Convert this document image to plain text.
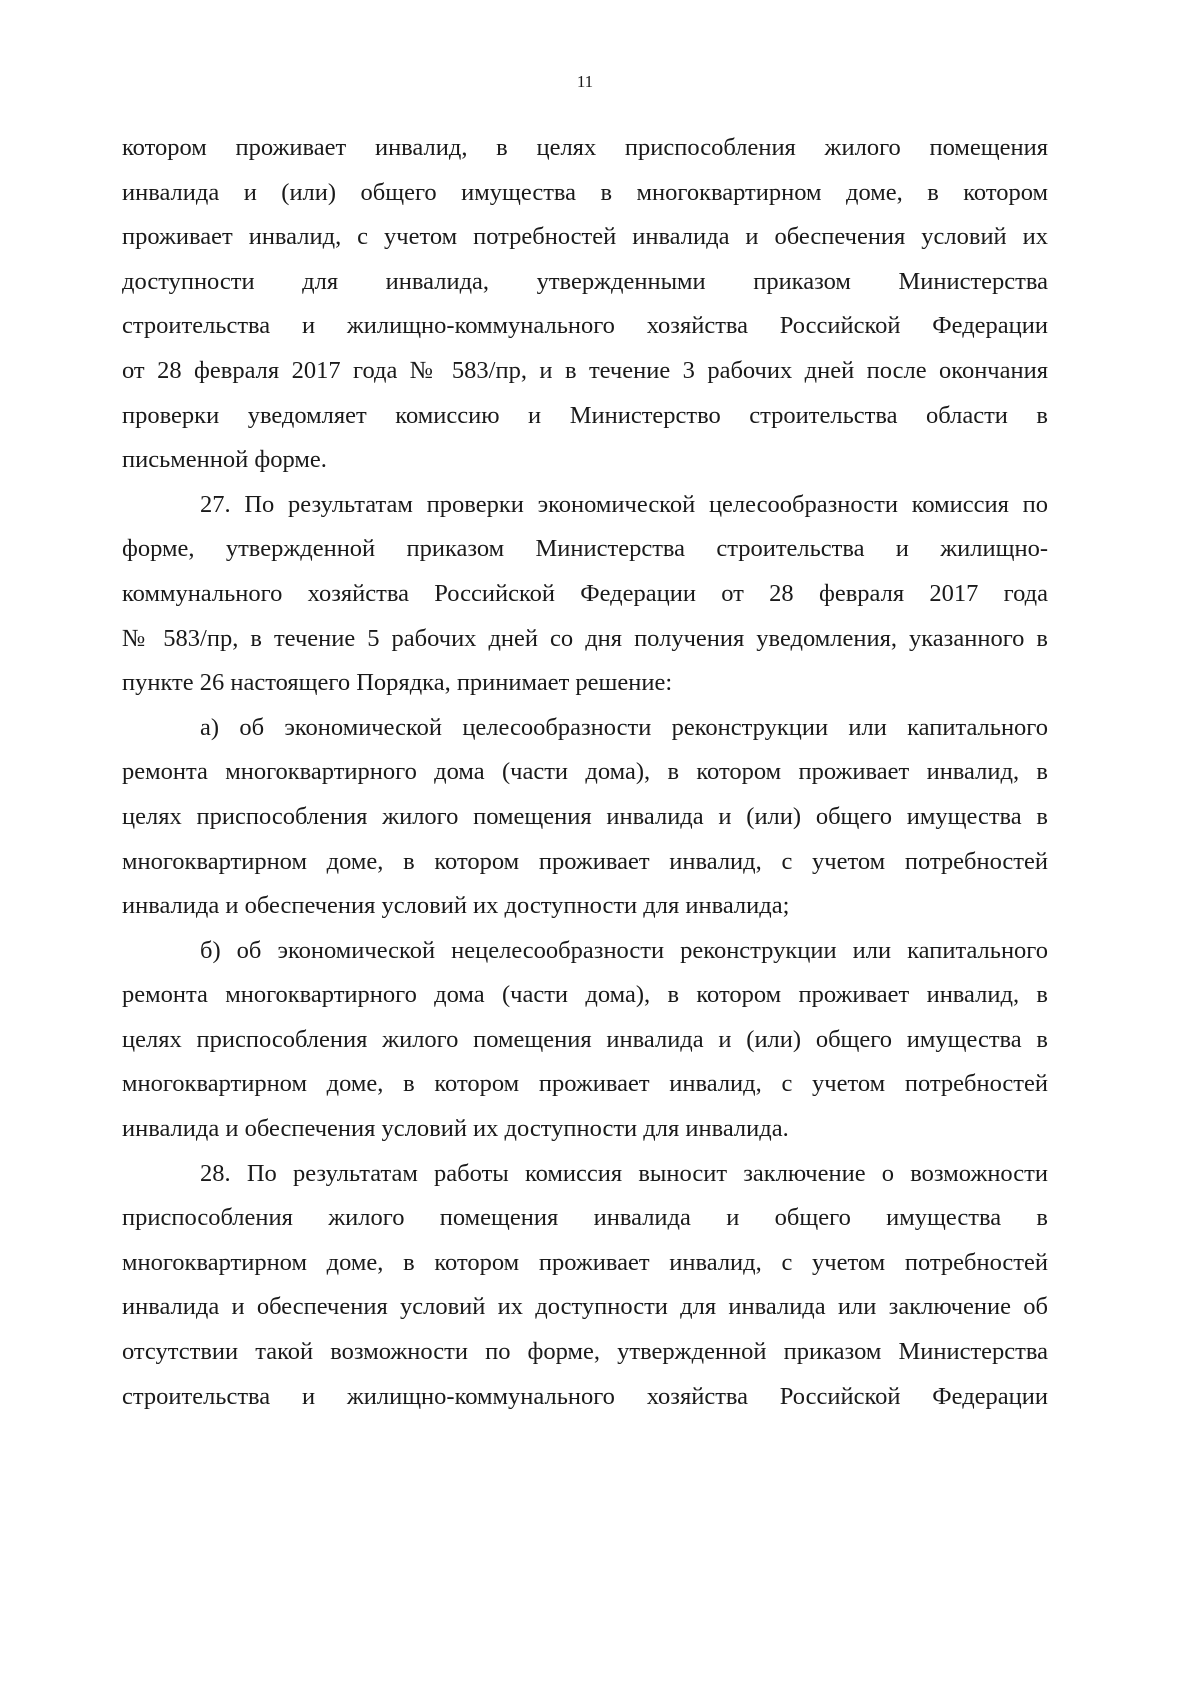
11
котором проживает инвалид, в целях приспособления жилого помещения
инвалида и (или) общего имущества в многоквартирном доме, в котором
проживает инвалид, с учетом потребностей инвалида и обеспечения условий их
доступности для инвалида, утвержденными приказом Министерства
строительства и жилищно-коммунального хозяйства Российской Федерации
от 28 февраля 2017 года № 583/пр, и в течение 3 рабочих дней после окончания
проверки уведомляет комиссию и Министерство строительства области в
письменной форме.
27. По результатам проверки экономической целесообразности комиссия по
форме, утвержденной приказом Министерства строительства и жилищно-
коммунального хозяйства Российской Федерации от 28 февраля 2017 года
№ 583/пр, в течение 5 рабочих дней со дня получения уведомления, указанного в
пункте 26 настоящего Порядка, принимает решение:
а) об экономической целесообразности реконструкции или капитального
ремонта многоквартирного дома (части дома), в котором проживает инвалид, в
целях приспособления жилого помещения инвалида и (или) общего имущества в
многоквартирном доме, в котором проживает инвалид, с учетом потребностей
инвалида и обеспечения условий их доступности для инвалида;
б) об экономической нецелесообразности реконструкции или капитального
ремонта многоквартирного дома (части дома), в котором проживает инвалид, в
целях приспособления жилого помещения инвалида и (или) общего имущества в
многоквартирном доме, в котором проживает инвалид, с учетом потребностей
инвалида и обеспечения условий их доступности для инвалида.
28. По результатам работы комиссия выносит заключение о возможности
приспособления жилого помещения инвалида и общего имущества в
многоквартирном доме, в котором проживает инвалид, с учетом потребностей
инвалида и обеспечения условий их доступности для инвалида или заключение об
отсутствии такой возможности по форме, утвержденной приказом Министерства
строительства и жилищно-коммунального хозяйства Российской Федерации
